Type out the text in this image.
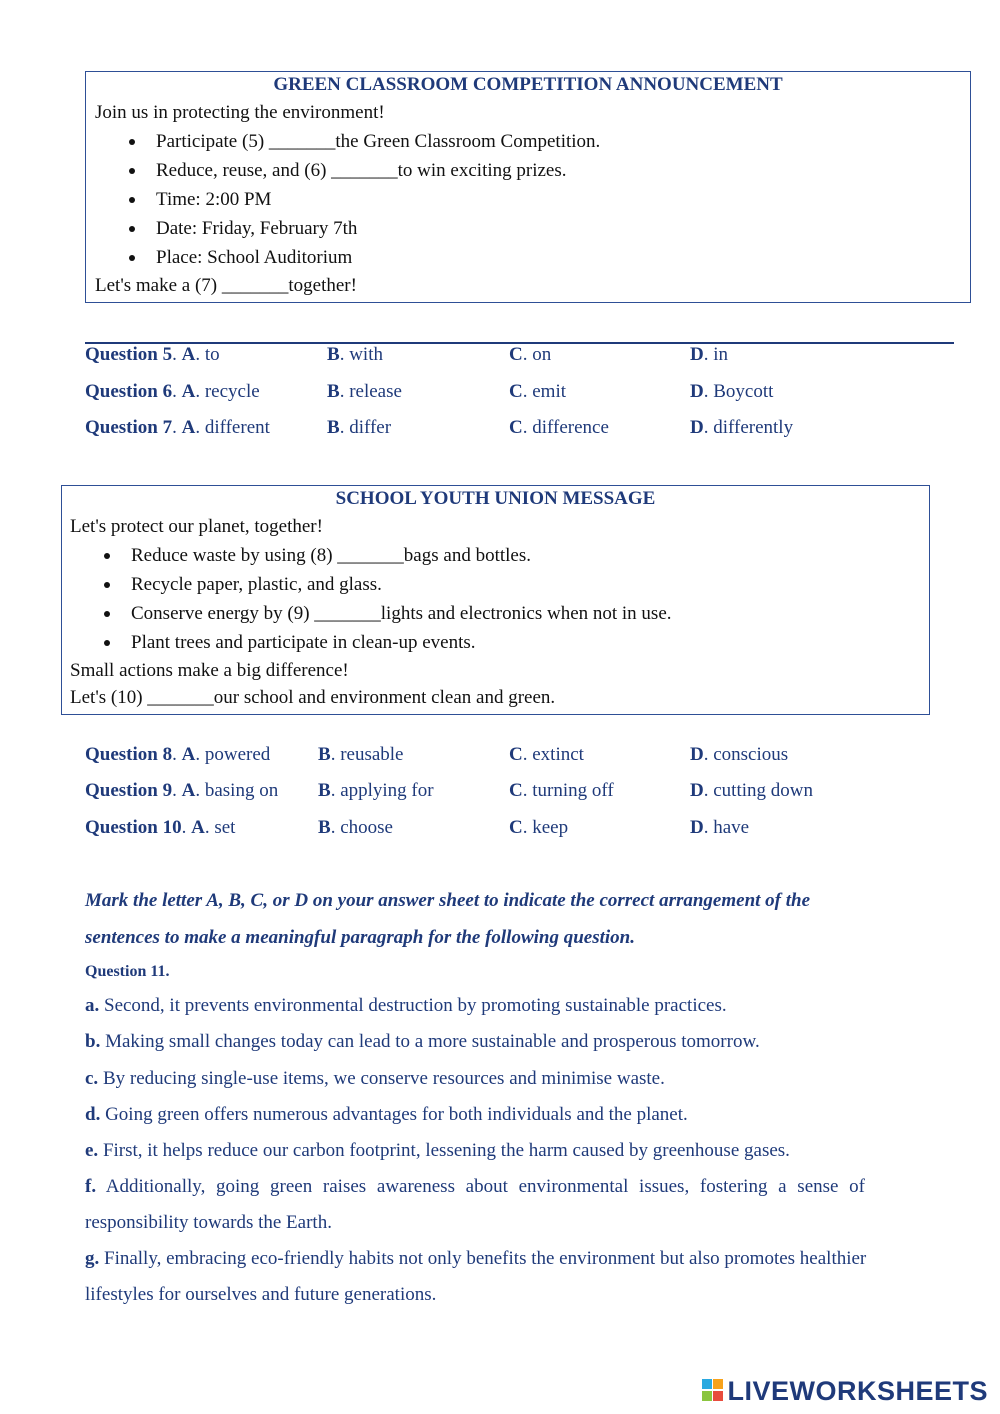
GREEN CLASSROOM COMPETITION ANNOUNCEMENT
Join us in protecting the environment!
Participate (5) _______the Green Classroom Competition.
Reduce, reuse, and (6) _______to win exciting prizes.
Time: 2:00 PM
Date: Friday, February 7th
Place: School Auditorium
Let's make a (7) _______together!
Question 5. A. to	B. with	C. on	D. in
Question 6. A. recycle	B. release	C. emit	D. Boycott
Question 7. A. different	B. differ	C. difference	D. differently
SCHOOL YOUTH UNION MESSAGE
Let's protect our planet, together!
Reduce waste by using (8) _______bags and bottles.
Recycle paper, plastic, and glass.
Conserve energy by (9) _______lights and electronics when not in use.
Plant trees and participate in clean-up events.
Small actions make a big difference!
Let's (10) _______our school and environment clean and green.
Question 8. A. powered	B. reusable	C. extinct	D. conscious
Question 9. A. basing on B. applying for	C. turning off	D. cutting down
Question 10. A. set	B. choose	C. keep	D. have
Mark the letter A, B, C, or D on your answer sheet to indicate the correct arrangement of the
sentences to make a meaningful paragraph for the following question.
Question 11.
a. Second, it prevents environmental destruction by promoting sustainable practices.
b. Making small changes today can lead to a more sustainable and prosperous tomorrow.
c. By reducing single-use items, we conserve resources and minimise waste.
d. Going green offers numerous advantages for both individuals and the planet.
e. First, it helps reduce our carbon footprint, lessening the harm caused by greenhouse gases.
f. Additionally, going green raises awareness about environmental issues, fostering a sense of responsibility towards the Earth.
g. Finally, embracing eco-friendly habits not only benefits the environment but also promotes healthier lifestyles for ourselves and future generations.
LIVEWORKSHEETS
